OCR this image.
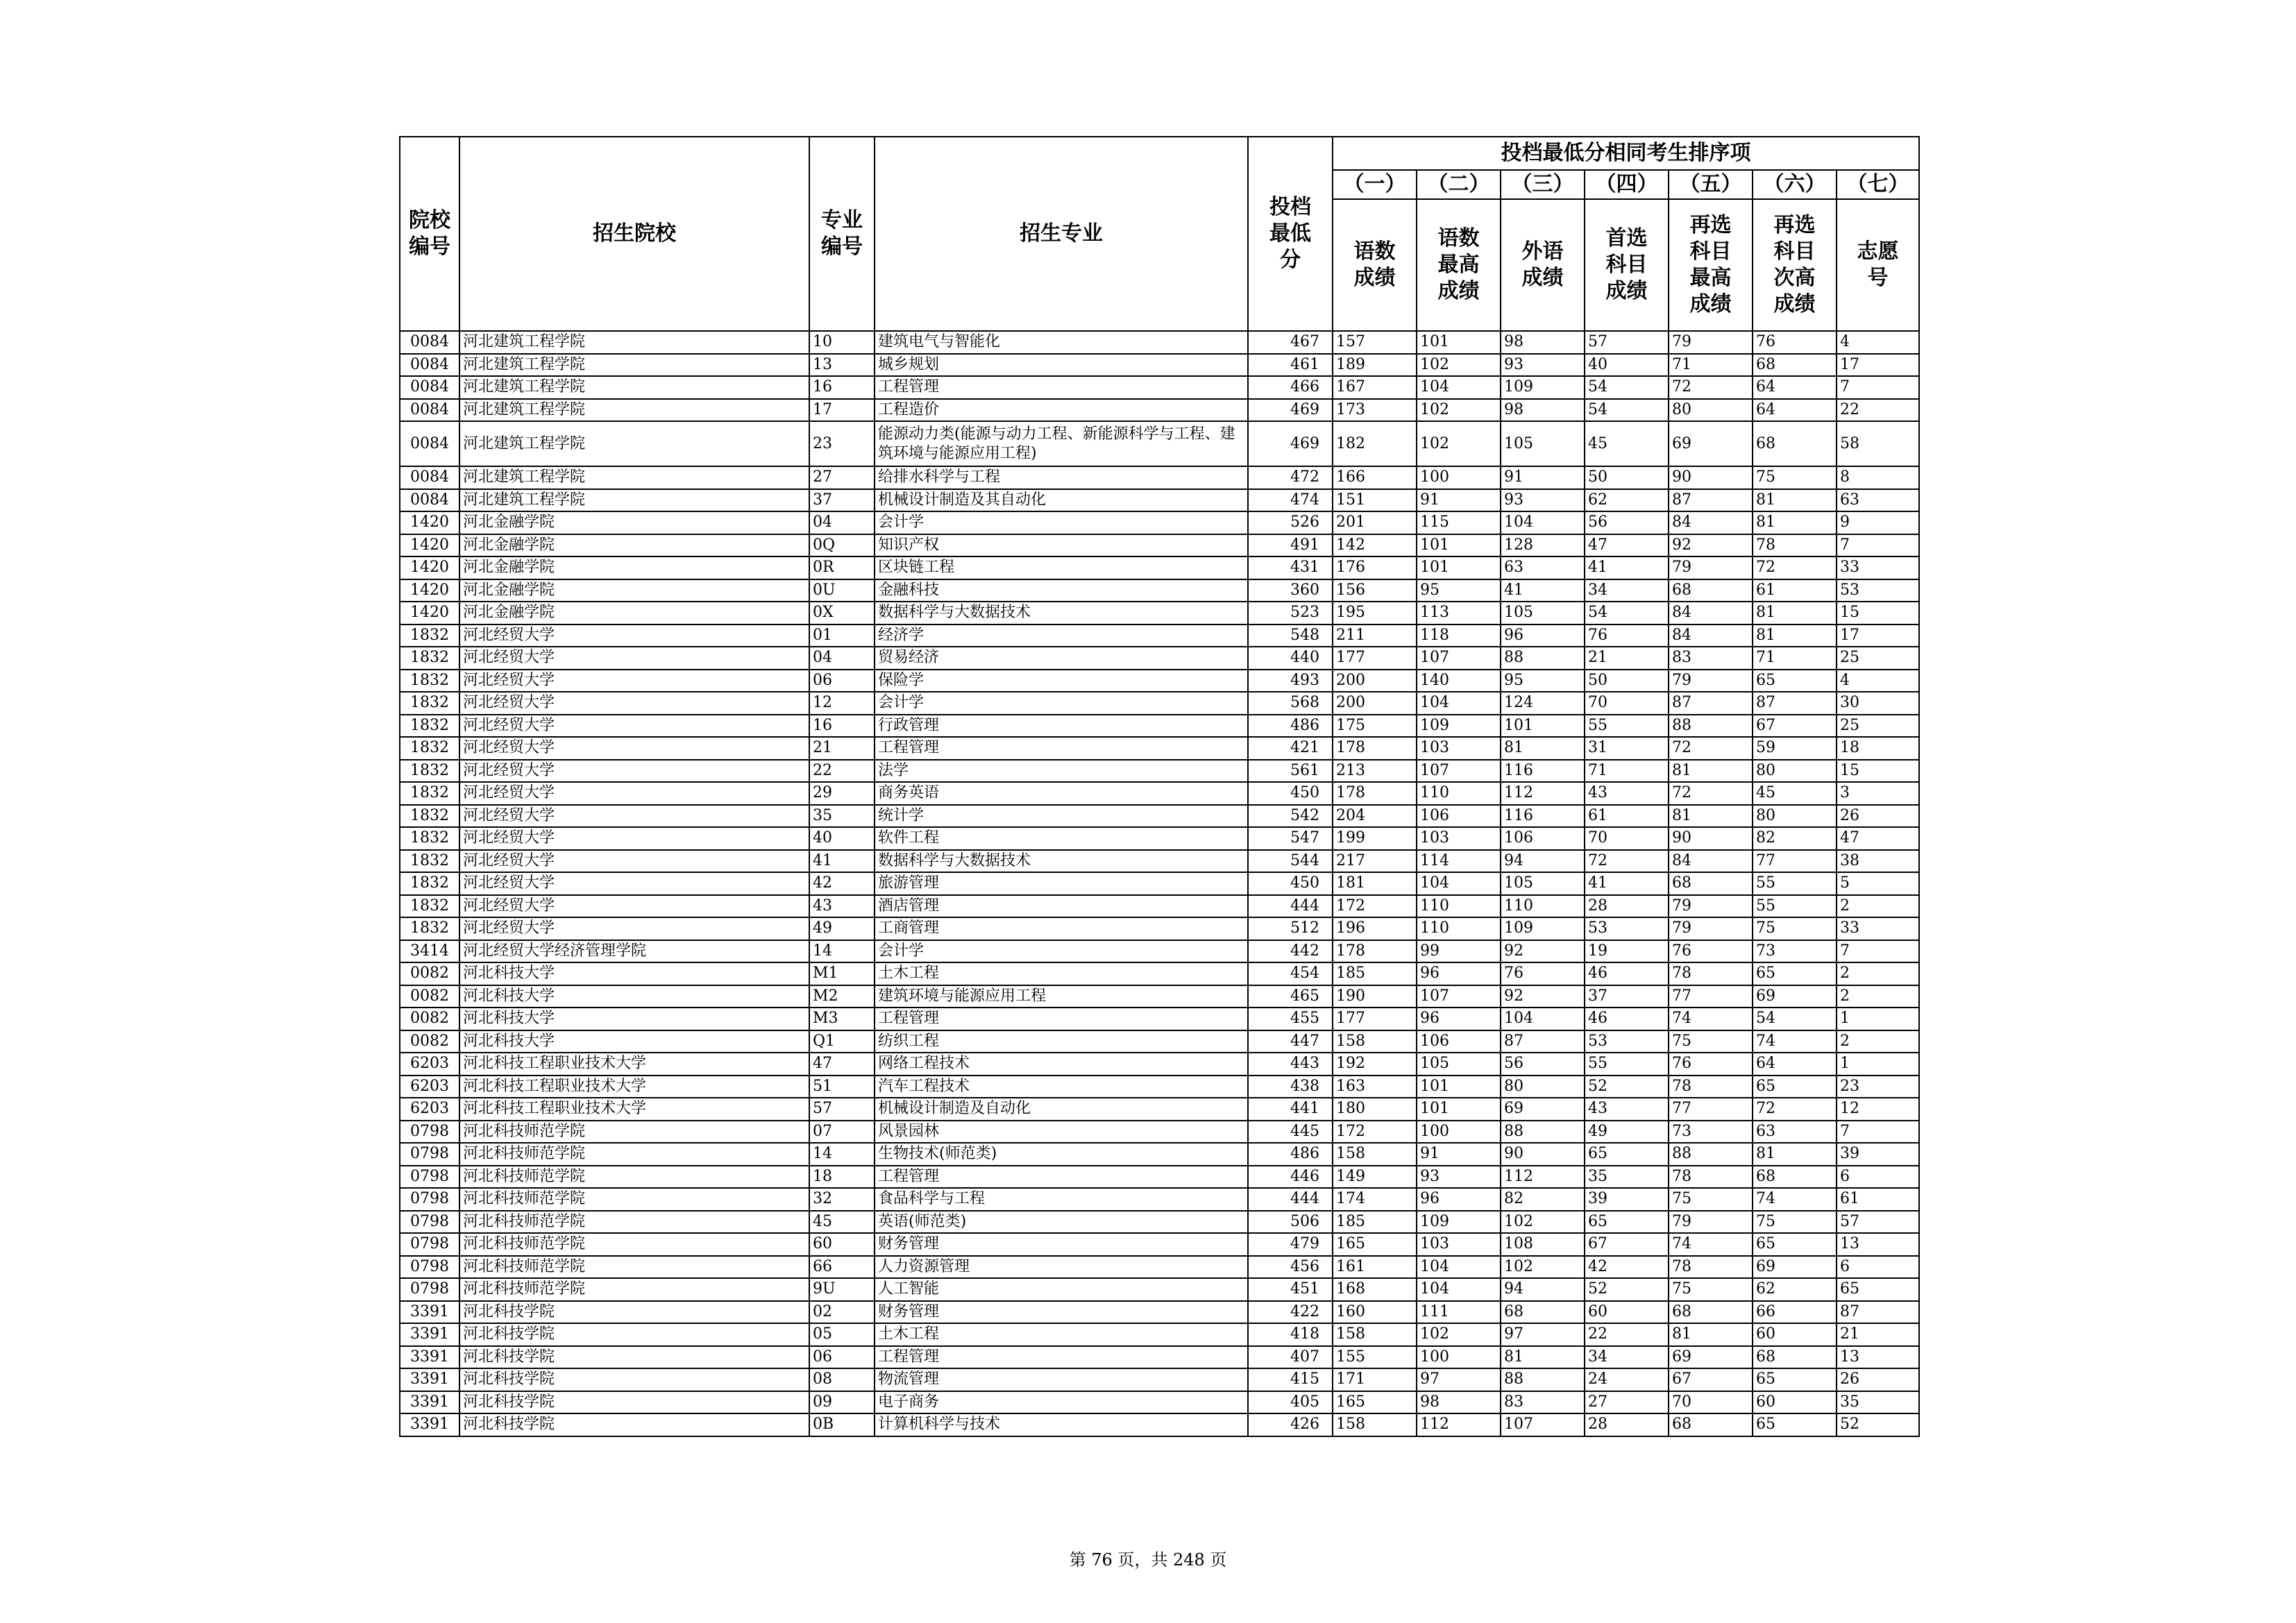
院校编号	招生院校	专业编号	招生专业	投档最低分	投档最低分相同考生排序项						
					（一）	（二）	（三）	（四）	（五）	（六）	（七）
					语数成绩	语数最高成绩	外语成绩	首选科目成绩	再选科目最高成绩	再选科目次高成绩	志愿号
0084	河北建筑工程学院	10	建筑电气与智能化	467	157	101	98	57	79	76	4
0084	河北建筑工程学院	13	城乡规划	461	189	102	93	40	71	68	17
0084	河北建筑工程学院	16	工程管理	466	167	104	109	54	72	64	7
0084	河北建筑工程学院	17	工程造价	469	173	102	98	54	80	64	22
0084	河北建筑工程学院	23	能源动力类(能源与动力工程、新能源科学与工程、建筑环境与能源应用工程)	469	182	102	105	45	69	68	58
0084	河北建筑工程学院	27	给排水科学与工程	472	166	100	91	50	90	75	8
0084	河北建筑工程学院	37	机械设计制造及其自动化	474	151	91	93	62	87	81	63
1420	河北金融学院	04	会计学	526	201	115	104	56	84	81	9
1420	河北金融学院	0Q	知识产权	491	142	101	128	47	92	78	7
1420	河北金融学院	0R	区块链工程	431	176	101	63	41	79	72	33
1420	河北金融学院	0U	金融科技	360	156	95	41	34	68	61	53
1420	河北金融学院	0X	数据科学与大数据技术	523	195	113	105	54	84	81	15
1832	河北经贸大学	01	经济学	548	211	118	96	76	84	81	17
1832	河北经贸大学	04	贸易经济	440	177	107	88	21	83	71	25
1832	河北经贸大学	06	保险学	493	200	140	95	50	79	65	4
1832	河北经贸大学	12	会计学	568	200	104	124	70	87	87	30
1832	河北经贸大学	16	行政管理	486	175	109	101	55	88	67	25
1832	河北经贸大学	21	工程管理	421	178	103	81	31	72	59	18
1832	河北经贸大学	22	法学	561	213	107	116	71	81	80	15
1832	河北经贸大学	29	商务英语	450	178	110	112	43	72	45	3
1832	河北经贸大学	35	统计学	542	204	106	116	61	81	80	26
1832	河北经贸大学	40	软件工程	547	199	103	106	70	90	82	47
1832	河北经贸大学	41	数据科学与大数据技术	544	217	114	94	72	84	77	38
1832	河北经贸大学	42	旅游管理	450	181	104	105	41	68	55	5
1832	河北经贸大学	43	酒店管理	444	172	110	110	28	79	55	2
1832	河北经贸大学	49	工商管理	512	196	110	109	53	79	75	33
3414	河北经贸大学经济管理学院	14	会计学	442	178	99	92	19	76	73	7
0082	河北科技大学	M1	土木工程	454	185	96	76	46	78	65	2
0082	河北科技大学	M2	建筑环境与能源应用工程	465	190	107	92	37	77	69	2
0082	河北科技大学	M3	工程管理	455	177	96	104	46	74	54	1
0082	河北科技大学	Q1	纺织工程	447	158	106	87	53	75	74	2
6203	河北科技工程职业技术大学	47	网络工程技术	443	192	105	56	55	76	64	1
6203	河北科技工程职业技术大学	51	汽车工程技术	438	163	101	80	52	78	65	23
6203	河北科技工程职业技术大学	57	机械设计制造及自动化	441	180	101	69	43	77	72	12
0798	河北科技师范学院	07	风景园林	445	172	100	88	49	73	63	7
0798	河北科技师范学院	14	生物技术(师范类)	486	158	91	90	65	88	81	39
0798	河北科技师范学院	18	工程管理	446	149	93	112	35	78	68	6
0798	河北科技师范学院	32	食品科学与工程	444	174	96	82	39	75	74	61
0798	河北科技师范学院	45	英语(师范类)	506	185	109	102	65	79	75	57
0798	河北科技师范学院	60	财务管理	479	165	103	108	67	74	65	13
0798	河北科技师范学院	66	人力资源管理	456	161	104	102	42	78	69	6
0798	河北科技师范学院	9U	人工智能	451	168	104	94	52	75	62	65
3391	河北科技学院	02	财务管理	422	160	111	68	60	68	66	87
3391	河北科技学院	05	土木工程	418	158	102	97	22	81	60	21
3391	河北科技学院	06	工程管理	407	155	100	81	34	69	68	13
3391	河北科技学院	08	物流管理	415	171	97	88	24	67	65	26
3391	河北科技学院	09	电子商务	405	165	98	83	27	70	60	35
3391	河北科技学院	0B	计算机科学与技术	426	158	112	107	28	68	65	52
第 76 页，共 248 页
